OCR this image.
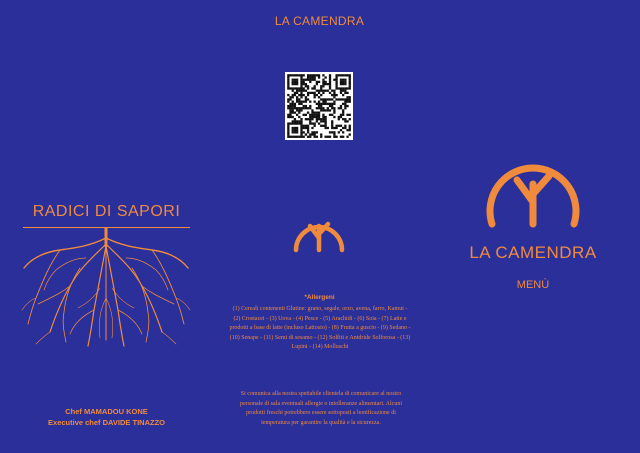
RADICI DI SAPORI
Chef MAMADOU KONE
Executive chef DAVIDE TINAZZO
LA CAMENDRA
*Allergeni
(1) Cereali contenenti Glutine: grano, segale, orzo, avena, farro, Kamut - (2) Crostacei - (3) Uova - (4) Pesce - (5) Arachidi - (6) Soia - (7) Latte e prodotti a base di latte (incluso Lattosio) - (8) Frutta a guscio - (9) Sedano - (10) Senape - (11) Semi di sesamo - (12) Solfiti e Anidride Solforosa - (13) Lupini - (14) Molluschi
Si comunica alla nostra spettabile clientela di comunicare al nostro personale di sala eventuali allergie o intolleranze alimentari. Alcuni prodotti freschi potrebbero essere sottoposti a bonificazione di temperatura per garantire la qualità e la sicurezza.
LA CAMENDRA
MENÙ
